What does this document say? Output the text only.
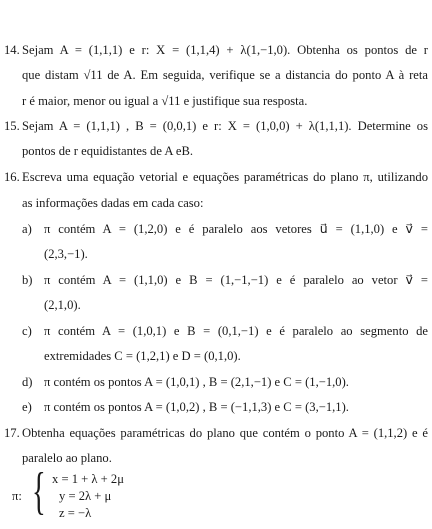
14. Sejam A = (1,1,1) e r: X = (1,1,4) + λ(1,−1,0). Obtenha os pontos de r
que distam √11 de A. Em seguida, verifique se a distancia do ponto A à reta
r é maior, menor ou igual a √11 e justifique sua resposta.
15. Sejam A = (1,1,1) , B = (0,0,1) e r: X = (1,0,0) + λ(1,1,1). Determine os
pontos de r equidistantes de A eB.
16. Escreva uma equação vetorial e equações paramétricas do plano π, utilizando
as informações dadas em cada caso:
a) π contém A = (1,2,0) e é paralelo aos vetores u⃗ = (1,1,0) e v⃗ =
(2,3,−1).
b) π contém A = (1,1,0) e B = (1,−1,−1) e é paralelo ao vetor v⃗ =
(2,1,0).
c) π contém A = (1,0,1) e B = (0,1,−1) e é paralelo ao segmento de
extremidades C = (1,2,1) e D = (0,1,0).
d) π contém os pontos A = (1,0,1) , B = (2,1,−1) e C = (1,−1,0).
e) π contém os pontos A = (1,0,2) , B = (−1,1,3) e C = (3,−1,1).
17. Obtenha equações paramétricas do plano que contém o ponto A = (1,1,2) e é
paralelo ao plano.
π: { x = 1 + λ + 2μ
y = 2λ + μ
z = −λ
